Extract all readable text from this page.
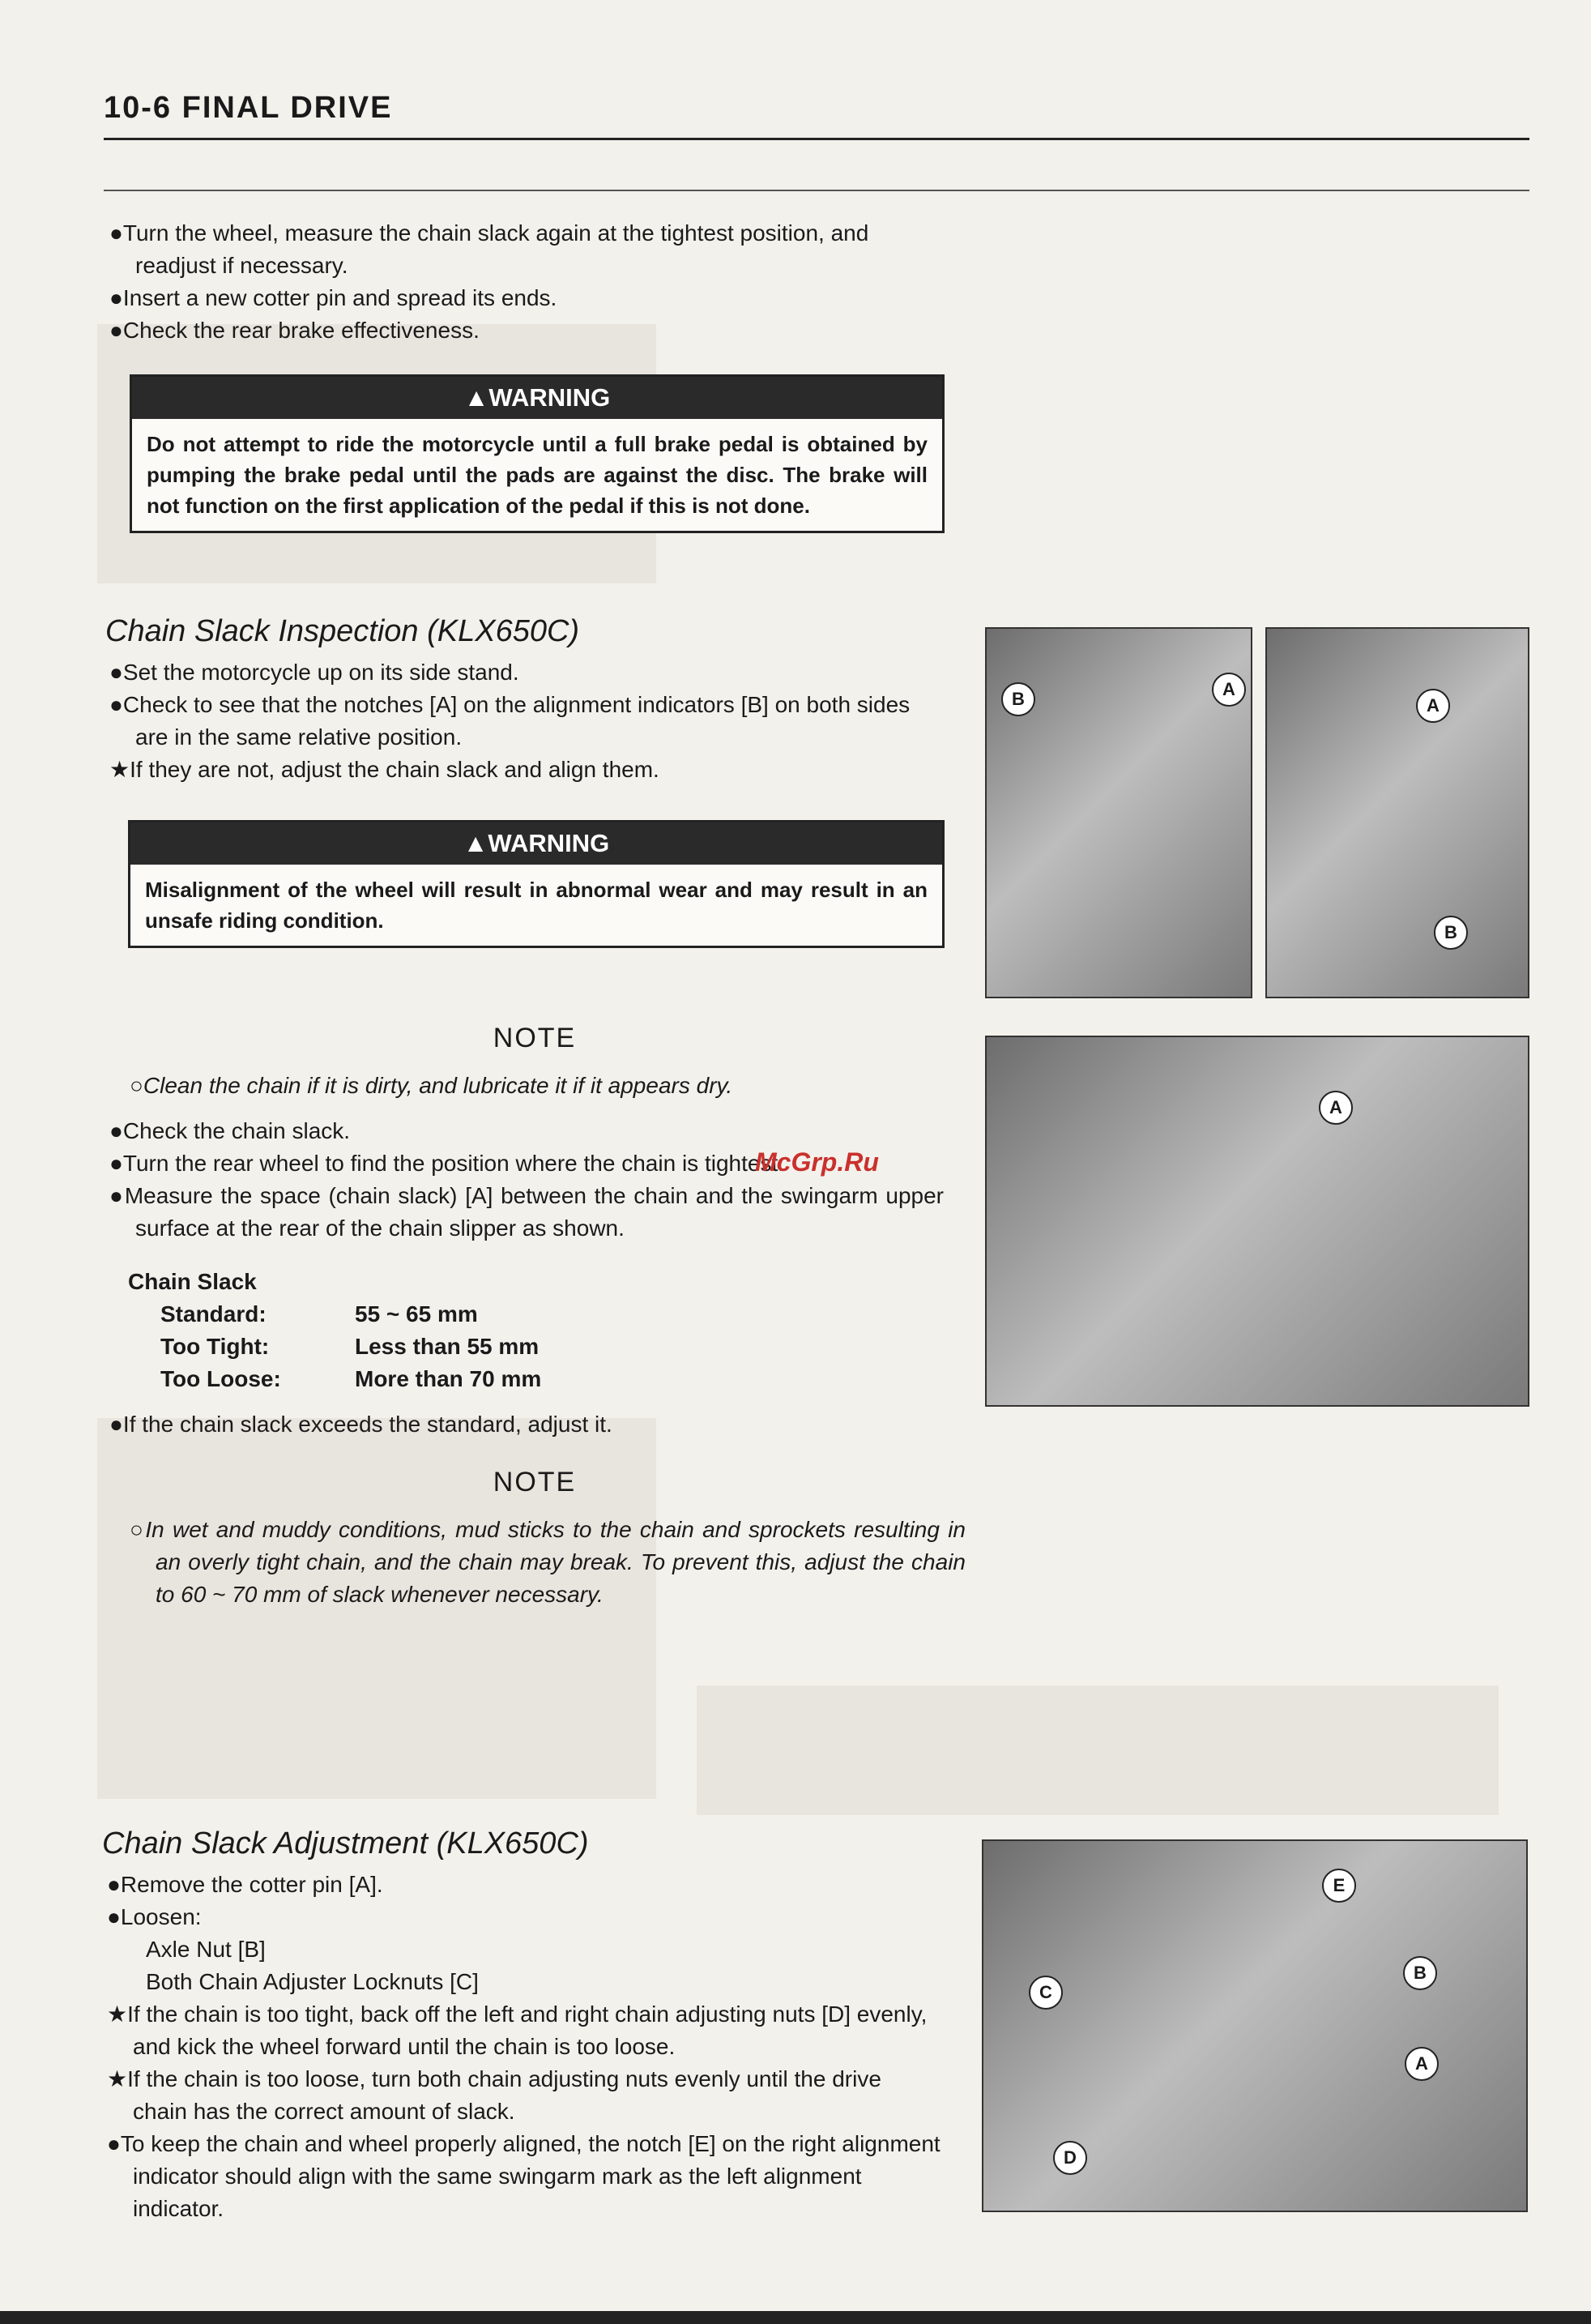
10-6 FINAL DRIVE

●Turn the wheel, measure the chain slack again at the tightest position, and readjust if necessary.

●Insert a new cotter pin and spread its ends.

●Check the rear brake effectiveness.

▲WARNING
Do not attempt to ride the motorcycle until a full brake pedal is obtained by pumping the brake pedal until the pads are against the disc. The brake will not function on the first application of the pedal if this is not done.
Chain Slack Inspection (KLX650C)

●Set the motorcycle up on its side stand.

●Check to see that the notches [A] on the alignment indicators [B] on both sides are in the same relative position.

★If they are not, adjust the chain slack and align them.

▲WARNING
Misalignment of the wheel will result in abnormal wear and may result in an unsafe riding condition.
NOTE
○Clean the chain if it is dirty, and lubricate it if it appears dry.

●Check the chain slack.

●Turn the rear wheel to find the position where the chain is tightest.

●Measure the space (chain slack) [A] between the chain and the swingarm upper surface at the rear of the chain slipper as shown.

McGrp.Ru
Chain Slack
Standard:	55 ~ 65 mm
Too Tight:	Less than 55 mm
Too Loose:	More than 70 mm

●If the chain slack exceeds the standard, adjust it.

NOTE
○In wet and muddy conditions, mud sticks to the chain and sprockets resulting in an overly tight chain, and the chain may break. To prevent this, adjust the chain to 60 ~ 70 mm of slack whenever necessary.
Chain Slack Adjustment (KLX650C)

●Remove the cotter pin [A].

●Loosen:

Axle Nut [B]

Both Chain Adjuster Locknuts [C]

★If the chain is too tight, back off the left and right chain adjusting nuts [D] evenly, and kick the wheel forward until the chain is too loose.

★If the chain is too loose, turn both chain adjusting nuts evenly until the drive chain has the correct amount of slack.

●To keep the chain and wheel properly aligned, the notch [E] on the right alignment indicator should align with the same swingarm mark as the left alignment indicator.

B	A
A
B
A
E
C
B
A
D
